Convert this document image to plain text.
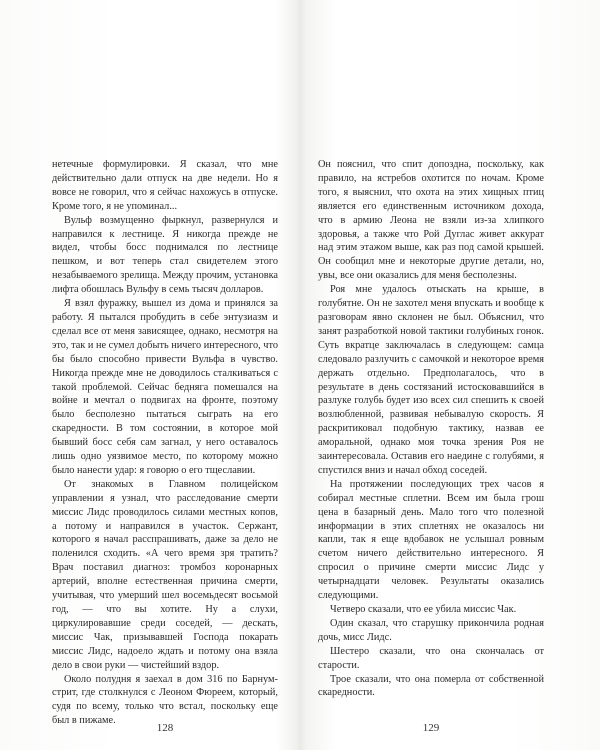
нетечные формулировки. Я сказал, что мне действительно дали отпуск на две недели. Но я вовсе не говорил, что я сейчас нахожусь в отпуске. Кроме того, я не упоминал...

Вульф возмущенно фыркнул, развернулся и направился к лестнице. Я никогда прежде не видел, чтобы босс поднимался по лестнице пешком, и вот теперь стал свидетелем этого незабываемого зрелища. Между прочим, установка лифта обошлась Вульфу в семь тысяч долларов.

Я взял фуражку, вышел из дома и принялся за работу. Я пытался пробудить в себе энтузиазм и сделал все от меня зависящее, однако, несмотря на это, так и не сумел добыть ничего интересного, что бы было способно привести Вульфа в чувство. Никогда прежде мне не доводилось сталкиваться с такой проблемой. Сейчас бедняга помешался на войне и мечтал о подвигах на фронте, поэтому было бесполезно пытаться сыграть на его скаредности. В том состоянии, в которое мой бывший босс себя сам загнал, у него оставалось лишь одно уязвимое место, по которому можно было нанести удар: я говорю о его тщеславии.

От знакомых в Главном полицейском управлении я узнал, что расследование смерти миссис Лидс проводилось силами местных копов, а потому и направился в участок. Сержант, которого я начал расспрашивать, даже за дело не поленился сходить. «А чего время зря тратить? Врач поставил диагноз: тромбоз коронарных артерий, вполне естественная причина смерти, учитывая, что умерший шел восемьдесят восьмой год, — что вы хотите. Ну а слухи, циркулировавшие среди соседей, — дескать, миссис Чак, призывавшей Господа покарать миссис Лидс, надоело ждать и потому она взяла дело в свои руки — чистейший вздор.

Около полудня я заехал в дом 316 по Барнум-стрит, где столкнулся с Леоном Фюреем, который, судя по всему, только что встал, поскольку еще был в пижаме.

128

Он пояснил, что спит допоздна, поскольку, как правило, на ястребов охотится по ночам. Кроме того, я выяснил, что охота на этих хищных птиц является его единственным источником дохода, что в армию Леона не взяли из-за хлипкого здоровья, а также что Рой Дуглас живет аккурат над этим этажом выше, как раз под самой крышей. Он сообщил мне и некоторые другие детали, но, увы, все они оказались для меня бесполезны.

Роя мне удалось отыскать на крыше, в голубятне. Он не захотел меня впускать и вообще к разговорам явно склонен не был. Объяснил, что занят разработкой новой тактики голубиных гонок. Суть вкратце заключалась в следующем: самца следовало разлучить с самочкой и некоторое время держать отдельно. Предполагалось, что в результате в день состязаний истосковавшийся в разлуке голубь будет изо всех сил спешить к своей возлюбленной, развивая небывалую скорость. Я раскритиковал подобную тактику, назвав ее аморальной, однако моя точка зрения Роя не заинтересовала. Оставив его наедине с голубями, я спустился вниз и начал обход соседей.

На протяжении последующих трех часов я собирал местные сплетни. Всем им была грош цена в базарный день. Мало того что полезной информации в этих сплетнях не оказалось ни капли, так я еще вдобавок не услышал ровным счетом ничего действительно интересного. Я спросил о причине смерти миссис Лидс у четырнадцати человек. Результаты оказались следующими.

Четверо сказали, что ее убила миссис Чак.

Один сказал, что старушку прикончила родная дочь, мисс Лидс.

Шестеро сказали, что она скончалась от старости.

Трое сказали, что она померла от собственной скаредности.

129
